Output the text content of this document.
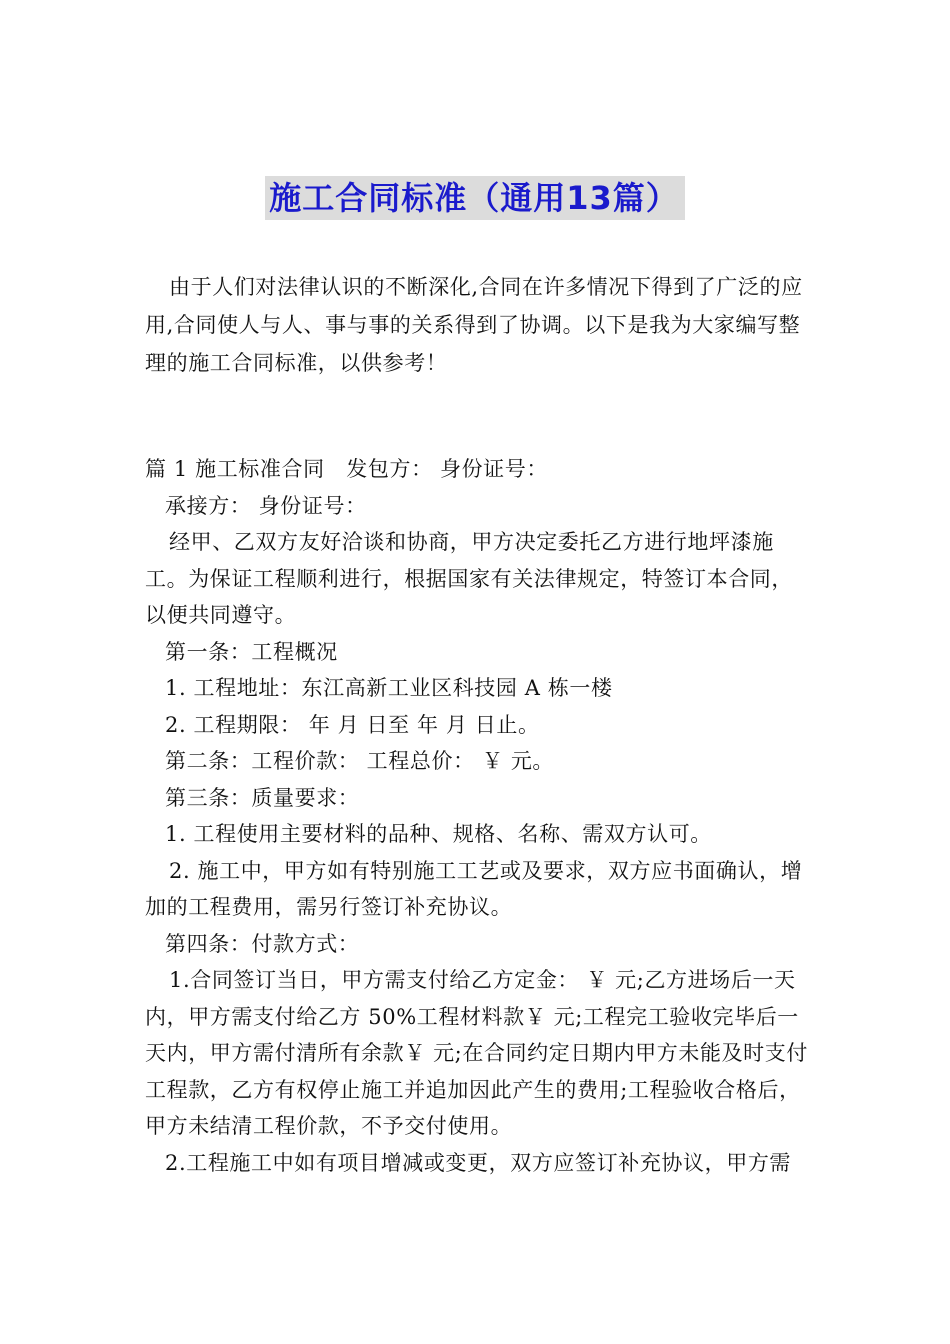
施工合同标准（通用13篇）

由于人们对法律认识的不断深化,合同在许多情况下得到了广泛的应用,合同使人与人、事与事的关系得到了协调。以下是我为大家编写整理的施工合同标准，以供参考！

篇 1 施工标准合同　发包方： 身份证号：

承接方： 身份证号：

经甲、乙双方友好洽谈和协商，甲方决定委托乙方进行地坪漆施工。为保证工程顺利进行，根据国家有关法律规定，特签订本合同，以便共同遵守。

第一条：工程概况

1. 工程地址：东江高新工业区科技园 A 栋一楼

2. 工程期限： 年 月 日至 年 月 日止。

第二条：工程价款： 工程总价： ￥ 元。

第三条：质量要求：

1. 工程使用主要材料的品种、规格、名称、需双方认可。

2. 施工中，甲方如有特别施工工艺或及要求，双方应书面确认，增加的工程费用，需另行签订补充协议。

第四条：付款方式：

1.合同签订当日，甲方需支付给乙方定金： ￥ 元;乙方进场后一天内，甲方需支付给乙方 50%工程材料款￥ 元;工程完工验收完毕后一天内，甲方需付清所有余款￥ 元;在合同约定日期内甲方未能及时支付工程款，乙方有权停止施工并追加因此产生的费用;工程验收合格后，甲方未结清工程价款，不予交付使用。

2.工程施工中如有项目增减或变更，双方应签订补充协议，甲方需
